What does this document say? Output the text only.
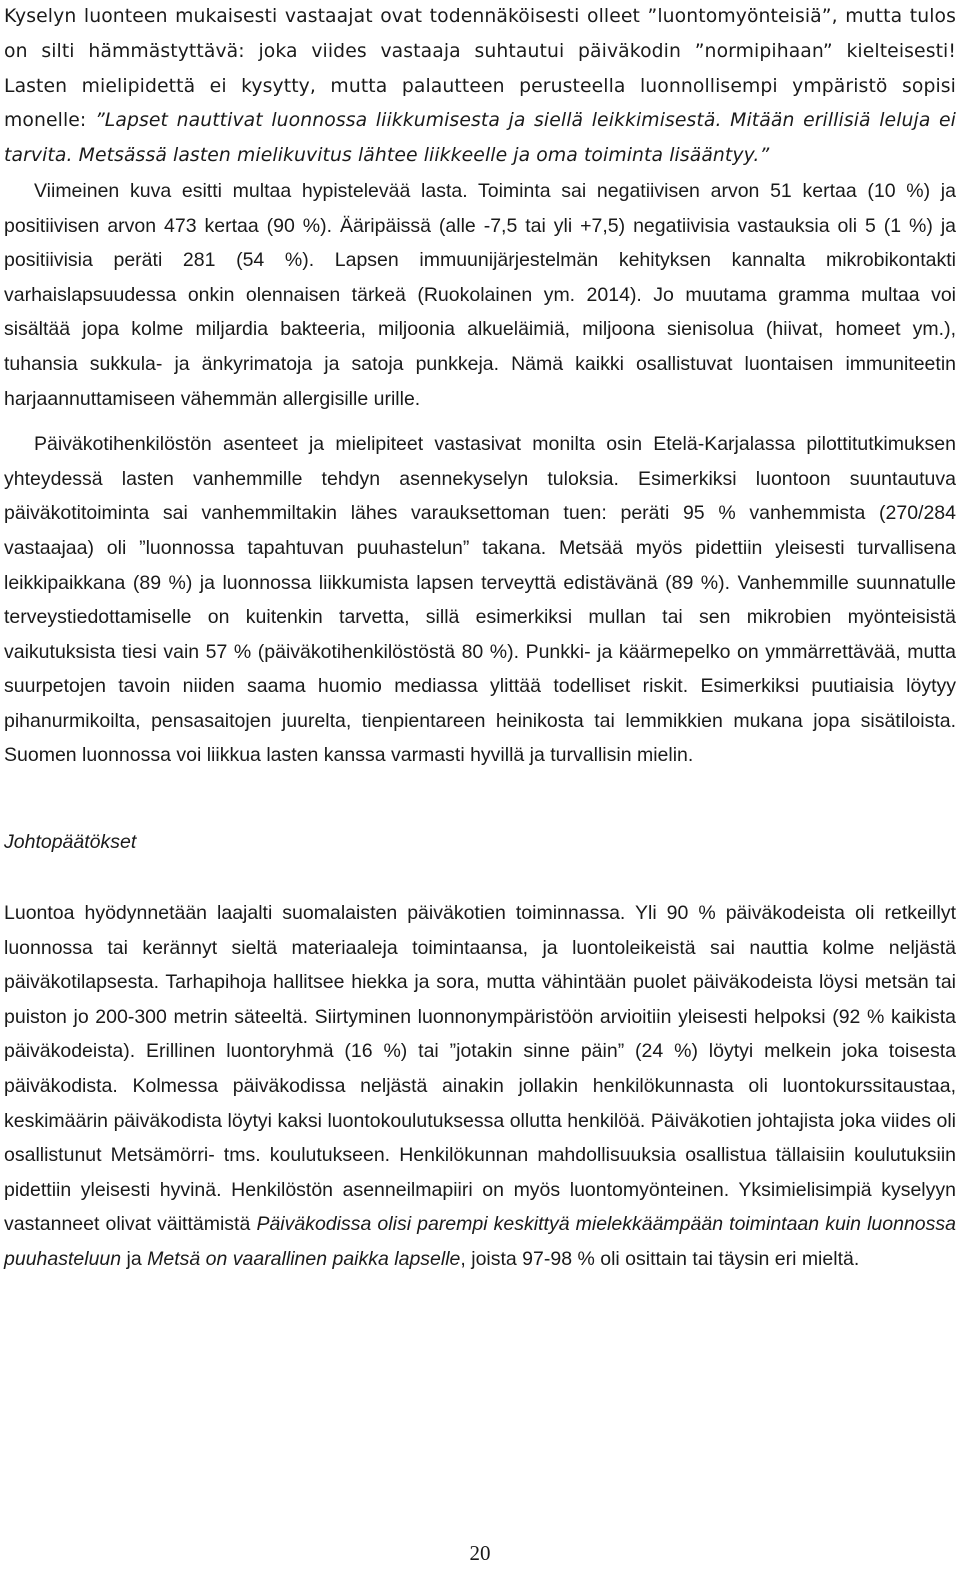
Kyselyn luonteen mukaisesti vastaajat ovat todennäköisesti olleet ”luontomyönteisiä”, mutta tulos on silti hämmästyttävä: joka viides vastaaja suhtautui päiväkodin ”normipihaan” kielteisesti! Lasten mielipidettä ei kysytty, mutta palautteen perusteella luonnollisempi ympäristö sopisi monelle: ”Lapset nauttivat luonnossa liikkumisesta ja siellä leikkimisestä. Mitään erillisiä leluja ei tarvita. Metsässä lasten mielikuvitus lähtee liikkeelle ja oma toiminta lisääntyy.”

Viimeinen kuva esitti multaa hypistelevää lasta. Toiminta sai negatiivisen arvon 51 kertaa (10 %) ja positiivisen arvon 473 kertaa (90 %). Ääripäissä (alle -7,5 tai yli +7,5) negatiivisia vastauksia oli 5 (1 %) ja positiivisia peräti 281 (54 %). Lapsen immuunijärjestelmän kehityksen kannalta mikrobikontakti varhaislapsuudessa onkin olennaisen tärkeä (Ruokolainen ym. 2014). Jo muutama gramma multaa voi sisältää jopa kolme miljardia bakteeria, miljoonia alkueläimiä, miljoona sienisolua (hiivat, homeet ym.), tuhansia sukkula- ja änkyrimatoja ja satoja punkkeja. Nämä kaikki osallistuvat luontaisen immuniteetin harjaannuttamiseen vähemmän allergisille urille.

Päiväkotihenkilöstön asenteet ja mielipiteet vastasivat monilta osin Etelä-Karjalassa pilottitutkimuksen yhteydessä lasten vanhemmille tehdyn asennekyselyn tuloksia. Esimerkiksi luontoon suuntautuva päiväkotitoiminta sai vanhemmiltakin lähes varauksettoman tuen: peräti 95 % vanhemmista (270/284 vastaajaa) oli ”luonnossa tapahtuvan puuhastelun” takana. Metsää myös pidettiin yleisesti turvallisena leikkipaikkana (89 %) ja luonnossa liikkumista lapsen terveyttä edistävänä (89 %). Vanhemmille suunnatulle terveystiedottamiselle on kuitenkin tarvetta, sillä esimerkiksi mullan tai sen mikrobien myönteisistä vaikutuksista tiesi vain 57 % (päiväkotihenkilöstöstä 80 %). Punkki- ja käärmepelko on ymmärrettävää, mutta suurpetojen tavoin niiden saama huomio mediassa ylittää todelliset riskit. Esimerkiksi puutiaisia löytyy pihanurmikoilta, pensasaitojen juurelta, tienpientareen heinikosta tai lemmikkien mukana jopa sisätiloista. Suomen luonnossa voi liikkua lasten kanssa varmasti hyvillä ja turvallisin mielin.

Johtopäätökset

Luontoa hyödynnetään laajalti suomalaisten päiväkotien toiminnassa. Yli 90 % päiväkodeista oli retkeillyt luonnossa tai kerännyt sieltä materiaaleja toimintaansa, ja luontoleikeistä sai nauttia kolme neljästä päiväkotilapsesta. Tarhapihoja hallitsee hiekka ja sora, mutta vähintään puolet päiväkodeista löysi metsän tai puiston jo 200-300 metrin säteeltä. Siirtyminen luonnonympäristöön arvioitiin yleisesti helpoksi (92 % kaikista päiväkodeista). Erillinen luontoryhmä (16 %) tai ”jotakin sinne päin” (24 %) löytyi melkein joka toisesta päiväkodista. Kolmessa päiväkodissa neljästä ainakin jollakin henkilökunnasta oli luontokurssitaustaa, keskimäärin päiväkodista löytyi kaksi luontokoulutuksessa ollutta henkilöä. Päiväkotien johtajista joka viides oli osallistunut Metsämörri- tms. koulutukseen. Henkilökunnan mahdollisuuksia osallistua tällaisiin koulutuksiin pidettiin yleisesti hyvinä. Henkilöstön asenneilmapiiri on myös luontomyönteinen. Yksimielisimpiä kyselyyn vastanneet olivat väittämistä Päiväkodissa olisi parempi keskittyä mielekkäämpään toimintaan kuin luonnossa puuhasteluun ja Metsä on vaarallinen paikka lapselle, joista 97-98 % oli osittain tai täysin eri mieltä.

20
